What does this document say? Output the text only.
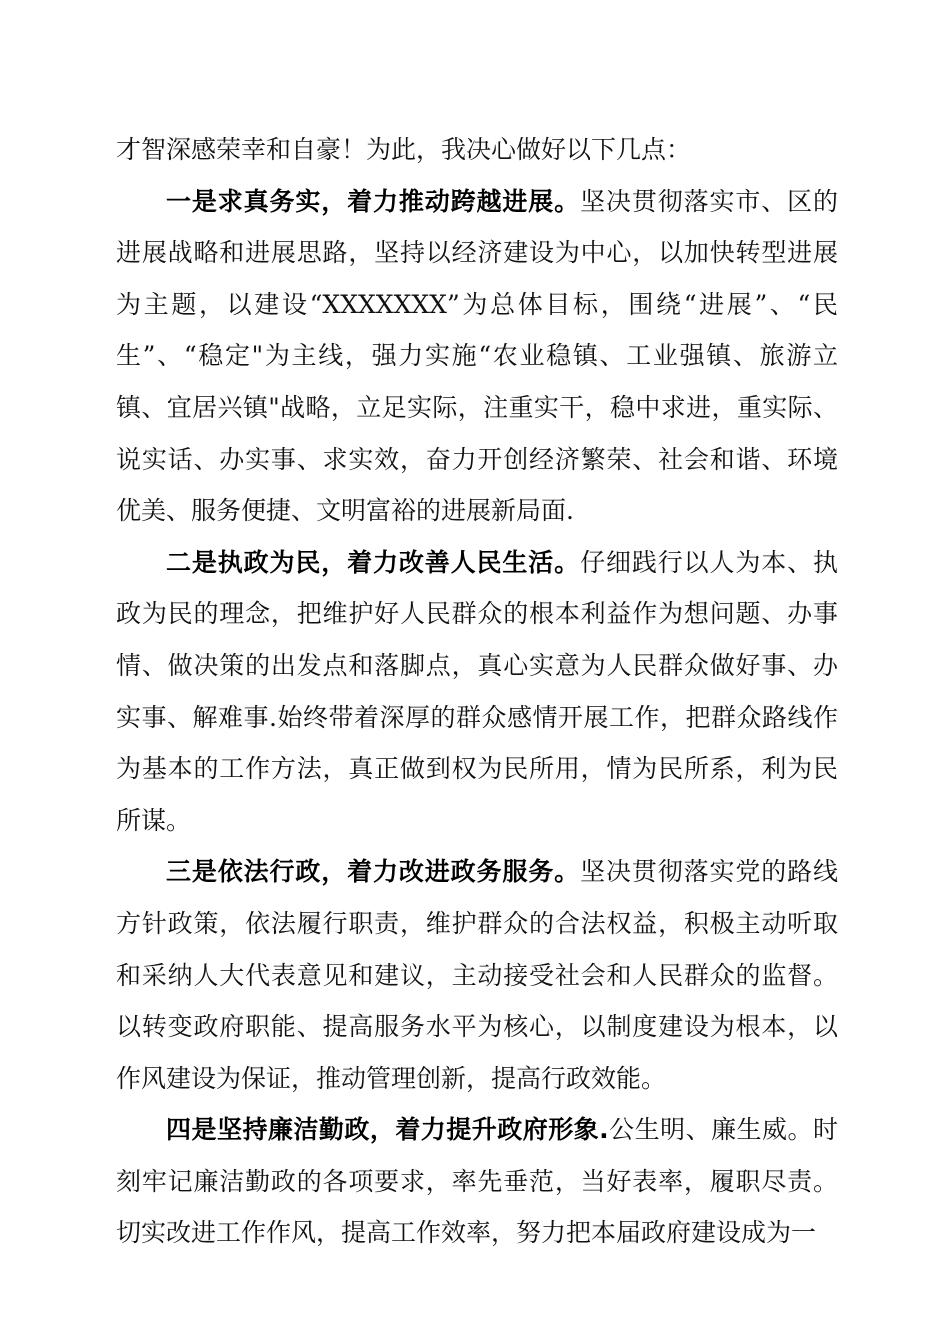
才智深感荣幸和自豪！为此，我决心做好以下几点：

一是求真务实，着力推动跨越进展。坚决贯彻落实市、区的进展战略和进展思路，坚持以经济建设为中心，以加快转型进展为主题，以建设“XXXXXXX”为总体目标，围绕“进展”、“民生”、“稳定"为主线，强力实施“农业稳镇、工业强镇、旅游立镇、宜居兴镇"战略，立足实际，注重实干，稳中求进，重实际、说实话、办实事、求实效，奋力开创经济繁荣、社会和谐、环境优美、服务便捷、文明富裕的进展新局面.

二是执政为民，着力改善人民生活。仔细践行以人为本、执政为民的理念，把维护好人民群众的根本利益作为想问题、办事情、做决策的出发点和落脚点，真心实意为人民群众做好事、办实事、解难事.始终带着深厚的群众感情开展工作，把群众路线作为基本的工作方法，真正做到权为民所用，情为民所系，利为民所谋。

三是依法行政，着力改进政务服务。坚决贯彻落实党的路线方针政策，依法履行职责，维护群众的合法权益，积极主动听取和采纳人大代表意见和建议，主动接受社会和人民群众的监督。以转变政府职能、提高服务水平为核心，以制度建设为根本，以作风建设为保证，推动管理创新，提高行政效能。

四是坚持廉洁勤政，着力提升政府形象.公生明、廉生威。时刻牢记廉洁勤政的各项要求，率先垂范，当好表率，履职尽责。切实改进工作作风，提高工作效率，努力把本届政府建设成为一
